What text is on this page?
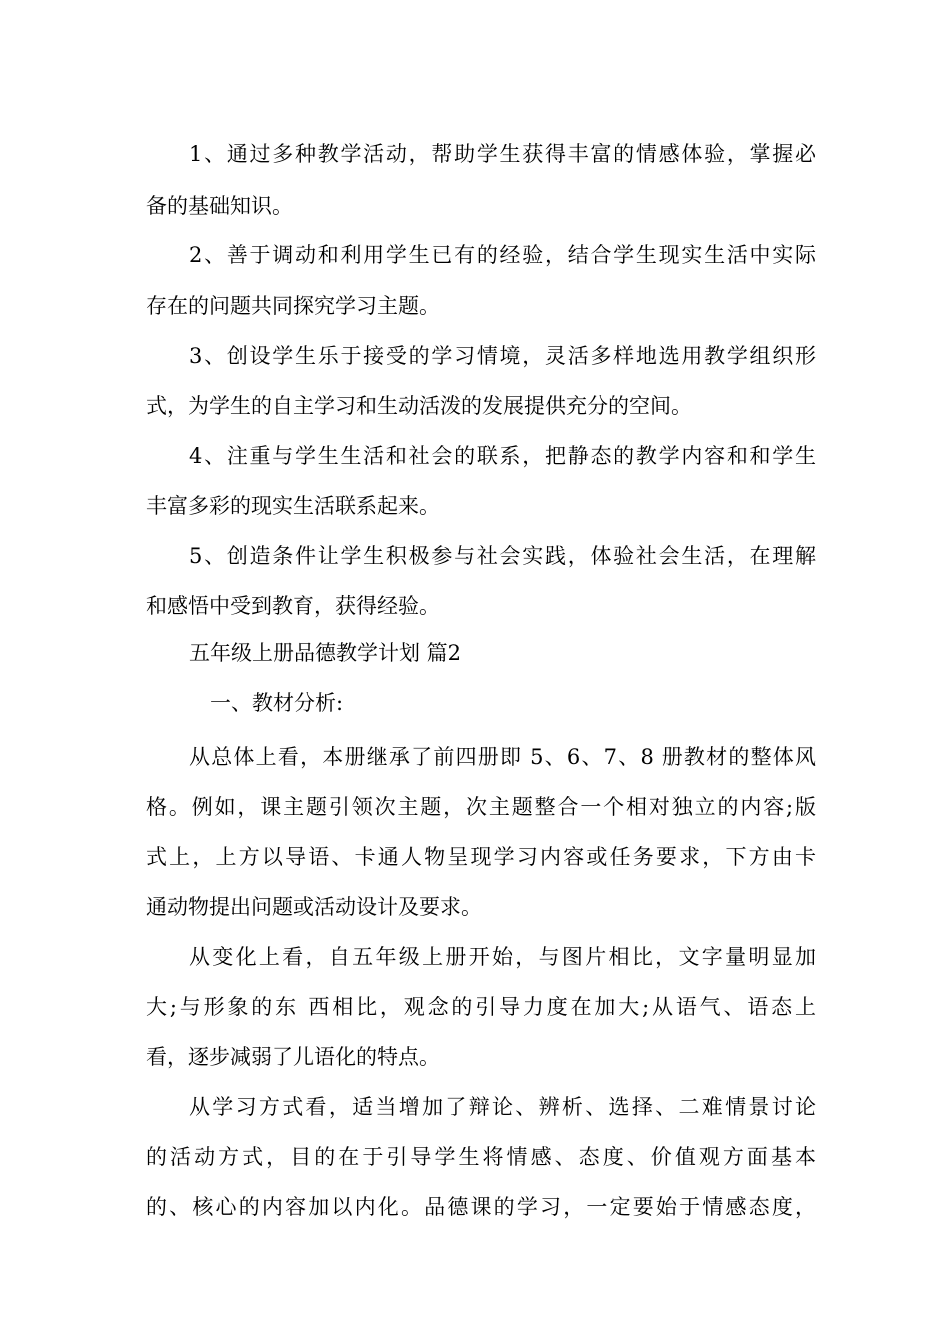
1、通过多种教学活动，帮助学生获得丰富的情感体验，掌握必
备的基础知识。
2、善于调动和利用学生已有的经验，结合学生现实生活中实际
存在的问题共同探究学习主题。
3、创设学生乐于接受的学习情境，灵活多样地选用教学组织形
式，为学生的自主学习和生动活泼的发展提供充分的空间。
4、注重与学生生活和社会的联系，把静态的教学内容和和学生
丰富多彩的现实生活联系起来。
5、创造条件让学生积极参与社会实践，体验社会生活，在理解
和感悟中受到教育，获得经验。
五年级上册品德教学计划 篇2
一、教材分析:
从总体上看，本册继承了前四册即 5、6、7、8 册教材的整体风
格。例如，课主题引领次主题，次主题整合一个相对独立的内容;版
式上，上方以导语、卡通人物呈现学习内容或任务要求，下方由卡
通动物提出问题或活动设计及要求。
从变化上看，自五年级上册开始，与图片相比，文字量明显加
大;与形象的东 西相比，观念的引导力度在加大;从语气、语态上
看，逐步减弱了儿语化的特点。
从学习方式看，适当增加了辩论、辨析、选择、二难情景讨论
的活动方式，目的在于引导学生将情感、态度、价值观方面基本
的、核心的内容加以内化。品德课的学习，一定要始于情感态度，
